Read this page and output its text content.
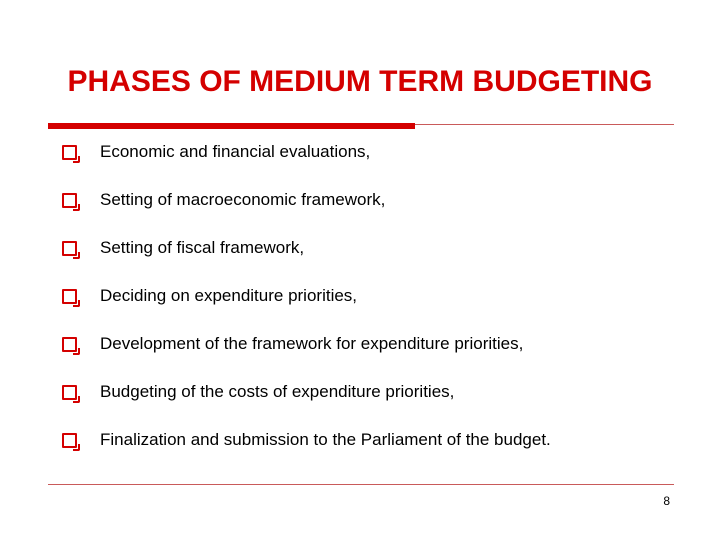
PHASES OF MEDIUM TERM BUDGETING
Economic and financial evaluations,
Setting of macroeconomic framework,
Setting of fiscal framework,
Deciding on expenditure priorities,
Development of the framework for expenditure priorities,
Budgeting of the costs of expenditure priorities,
Finalization and submission to the Parliament of the budget.
8
